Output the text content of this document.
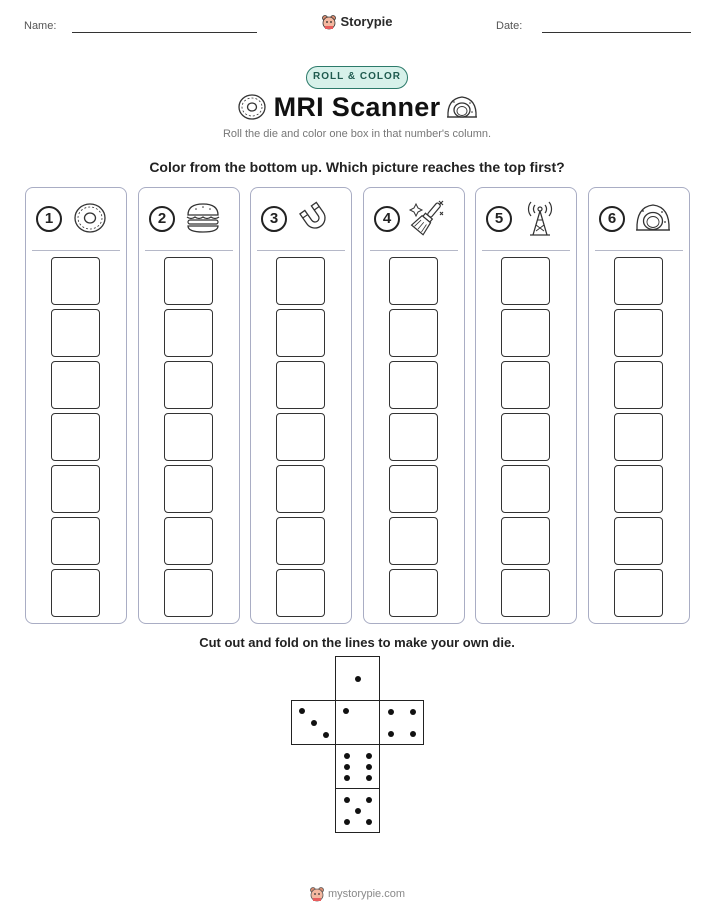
Name:	Storypie	Date:
ROLL & COLOR
MRI Scanner
Roll the die and color one box in that number's column.
Color from the bottom up. Which picture reaches the top first?
1	2	3	4	5	6
Cut out and fold on the lines to make your own die.
mystorypie.com
